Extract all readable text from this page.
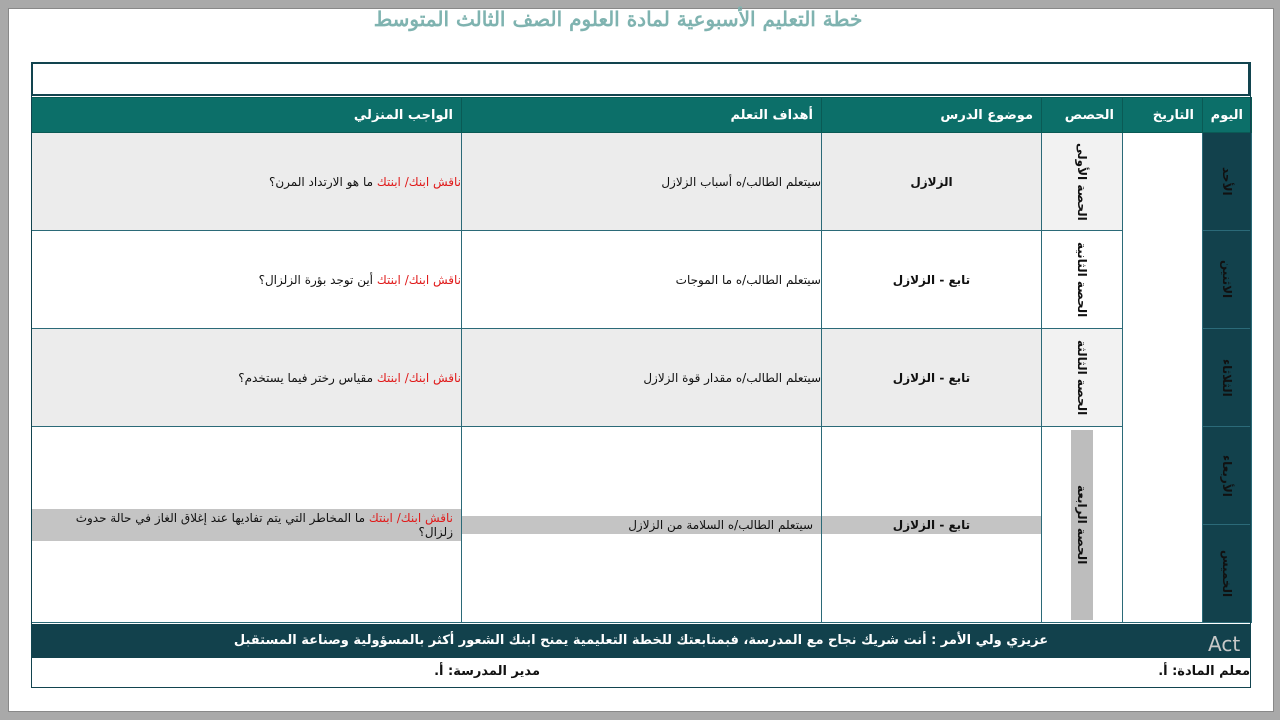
خطة التعليم الأسبوعية لمادة العلوم الصف الثالث المتوسط
اليوم	التاريخ	الحصص	موضوع الدرس	أهداف التعلم	الواجب المنزلي

الأحد		الحصة الأولى	الزلازل	سيتعلم الطالب/ه أسباب الزلازل	ناقش ابنك/ ابنتك ما هو الارتداد المرن؟

الاثنين		الحصة الثانية	تابع - الزلازل	سيتعلم الطالب/ه ما الموجات	ناقش ابنك/ ابنتك أين توجد بؤرة الزلزال؟

الثلاثاء		الحصة الثالثة	تابع - الزلازل	سيتعلم الطالب/ه مقدار قوة الزلازل	ناقش ابنك/ ابنتك مقياس رختر فيما يستخدم؟

الأربعاء		الحصة الرابعة	تابع - الزلازل	سيتعلم الطالب/ه السلامة من الزلازل	ناقش ابنك/ ابنتك ما المخاطر التي يتم تفاديها عند إغلاق الغاز في حالة حدوث زلزال؟

الخميس					
عزيزي ولي الأمر : أنت شريك نجاح مع المدرسة، فبمتابعتك للخطة التعليمية يمنح ابنك الشعور أكثر بالمسؤولية وصناعة المستقبل
معلم المادة: أ.
مدير المدرسة: أ.
Act
